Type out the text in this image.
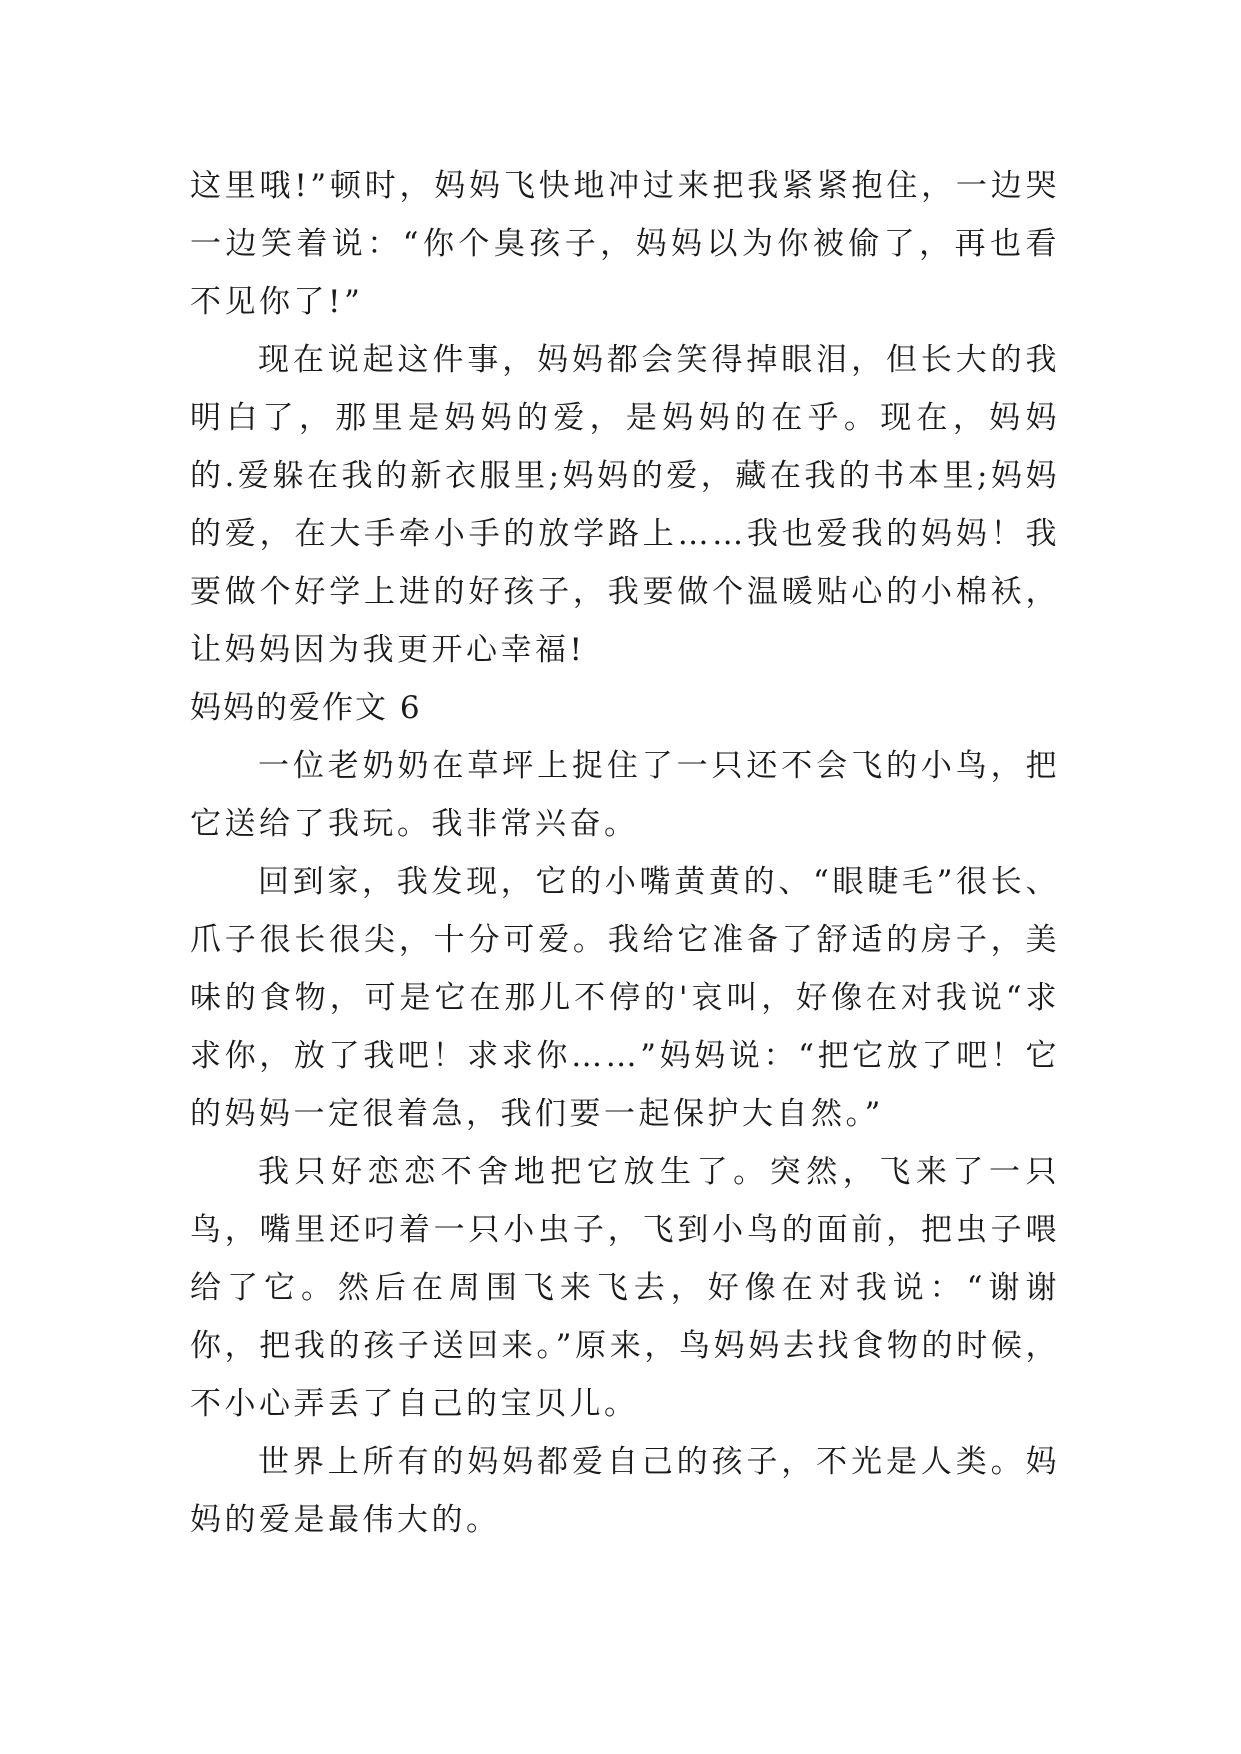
这里哦!”顿时，妈妈飞快地冲过来把我紧紧抱住，一边哭一边笑着说：“你个臭孩子，妈妈以为你被偷了，再也看不见你了!”

现在说起这件事，妈妈都会笑得掉眼泪，但长大的我明白了，那里是妈妈的爱，是妈妈的在乎。现在，妈妈的.爱躲在我的新衣服里;妈妈的爱，藏在我的书本里;妈妈的爱，在大手牵小手的放学路上……我也爱我的妈妈！我要做个好学上进的好孩子，我要做个温暖贴心的小棉袄，让妈妈因为我更开心幸福!

妈妈的爱作文 6

一位老奶奶在草坪上捉住了一只还不会飞的小鸟，把它送给了我玩。我非常兴奋。

回到家，我发现，它的小嘴黄黄的、“眼睫毛”很长、爪子很长很尖，十分可爱。我给它准备了舒适的房子，美味的食物，可是它在那儿不停的'哀叫，好像在对我说“求求你，放了我吧！求求你……”妈妈说：“把它放了吧！它的妈妈一定很着急，我们要一起保护大自然。”

我只好恋恋不舍地把它放生了。突然，飞来了一只鸟，嘴里还叼着一只小虫子，飞到小鸟的面前，把虫子喂给了它。然后在周围飞来飞去，好像在对我说：“谢谢你，把我的孩子送回来。”原来，鸟妈妈去找食物的时候，不小心弄丢了自己的宝贝儿。

世界上所有的妈妈都爱自己的孩子，不光是人类。妈妈的爱是最伟大的。
